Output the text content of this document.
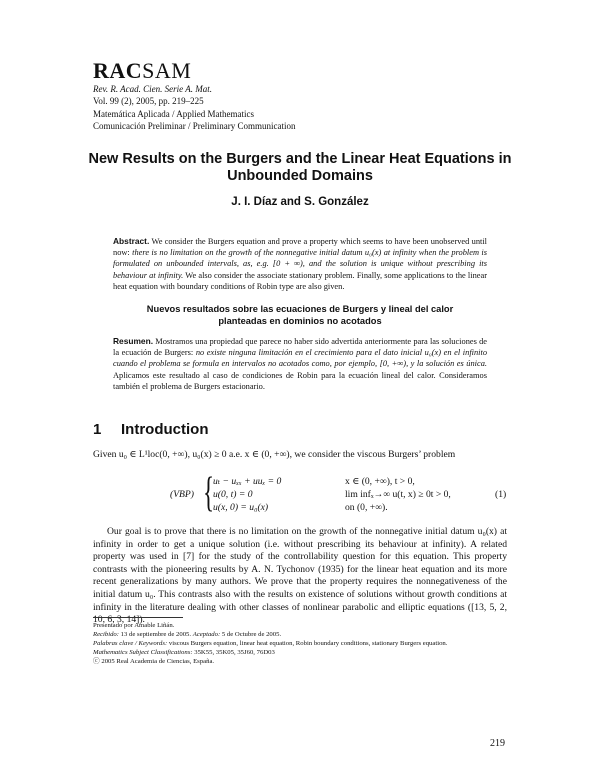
RACSAM
Rev. R. Acad. Cien. Serie A. Mat.
Vol. 99 (2), 2005, pp. 219–225
Matemática Aplicada / Applied Mathematics
Comunicación Preliminar / Preliminary Communication
New Results on the Burgers and the Linear Heat Equations in
Unbounded Domains
J. I. Díaz and S. González
Abstract. We consider the Burgers equation and prove a property which seems to have been unobserved until now: there is no limitation on the growth of the nonnegative initial datum u₀(x) at infinity when the problem is formulated on unbounded intervals, as, e.g. [0 + ∞), and the solution is unique without prescribing its behaviour at infinity. We also consider the associate stationary problem. Finally, some applications to the linear heat equation with boundary conditions of Robin type are also given.
Nuevos resultados sobre las ecuaciones de Burgers y lineal del calor
planteadas en dominios no acotados
Resumen. Mostramos una propiedad que parece no haber sido advertida anteriormente para las soluciones de la ecuación de Burgers: no existe ninguna limitación en el crecimiento para el dato inicial u₀(x) en el infinito cuando el problema se formula en intervalos no acotados como, por ejemplo, [0, +∞), y la solución es única. Aplicamos este resultado al caso de condiciones de Robin para la ecuación lineal del calor. Consideramos también el problema de Burgers estacionario.
1 Introduction
Given u₀ ∈ L¹loc(0, +∞), u₀(x) ≥ 0 a.e. x ∈ (0, +∞), we consider the viscous Burgers’ problem
(VBP) {
uₜ − uₓₓ + uuₓ = 0	x ∈ (0, +∞), t > 0,
u(0, t) = 0	lim infₓ→∞ u(t, x) ≥ 0t > 0,
u(x, 0) = u₀(x)	on (0, +∞).
(1)
Our goal is to prove that there is no limitation on the growth of the nonnegative initial datum u₀(x) at infinity in order to get a unique solution (i.e. without prescribing its behaviour at infinity). A related property was used in [7] for the study of the controllability question for this equation. This property contrasts with the pioneering results by A. N. Tychonov (1935) for the linear heat equation and its more recent generalizations by many authors. We prove that the property requires the nonnegativeness of the initial datum u₀. This contrasts also with the results on existence of solutions without growth conditions at infinity in the literature dealing with other classes of nonlinear parabolic and elliptic equations ([13, 5, 2, 10, 6, 3, 14]).
Presentado por Amable Liñán.
Recibido: 13 de septiembre de 2005. Aceptado: 5 de Octubre de 2005.
Palabras clave / Keywords: viscous Burgers equation, linear heat equation, Robin boundary conditions, stationary Burgers equation.
Mathematics Subject Classifications: 35K55, 35K05, 35J60, 76D03
ⓒ 2005 Real Academia de Ciencias, España.
219
